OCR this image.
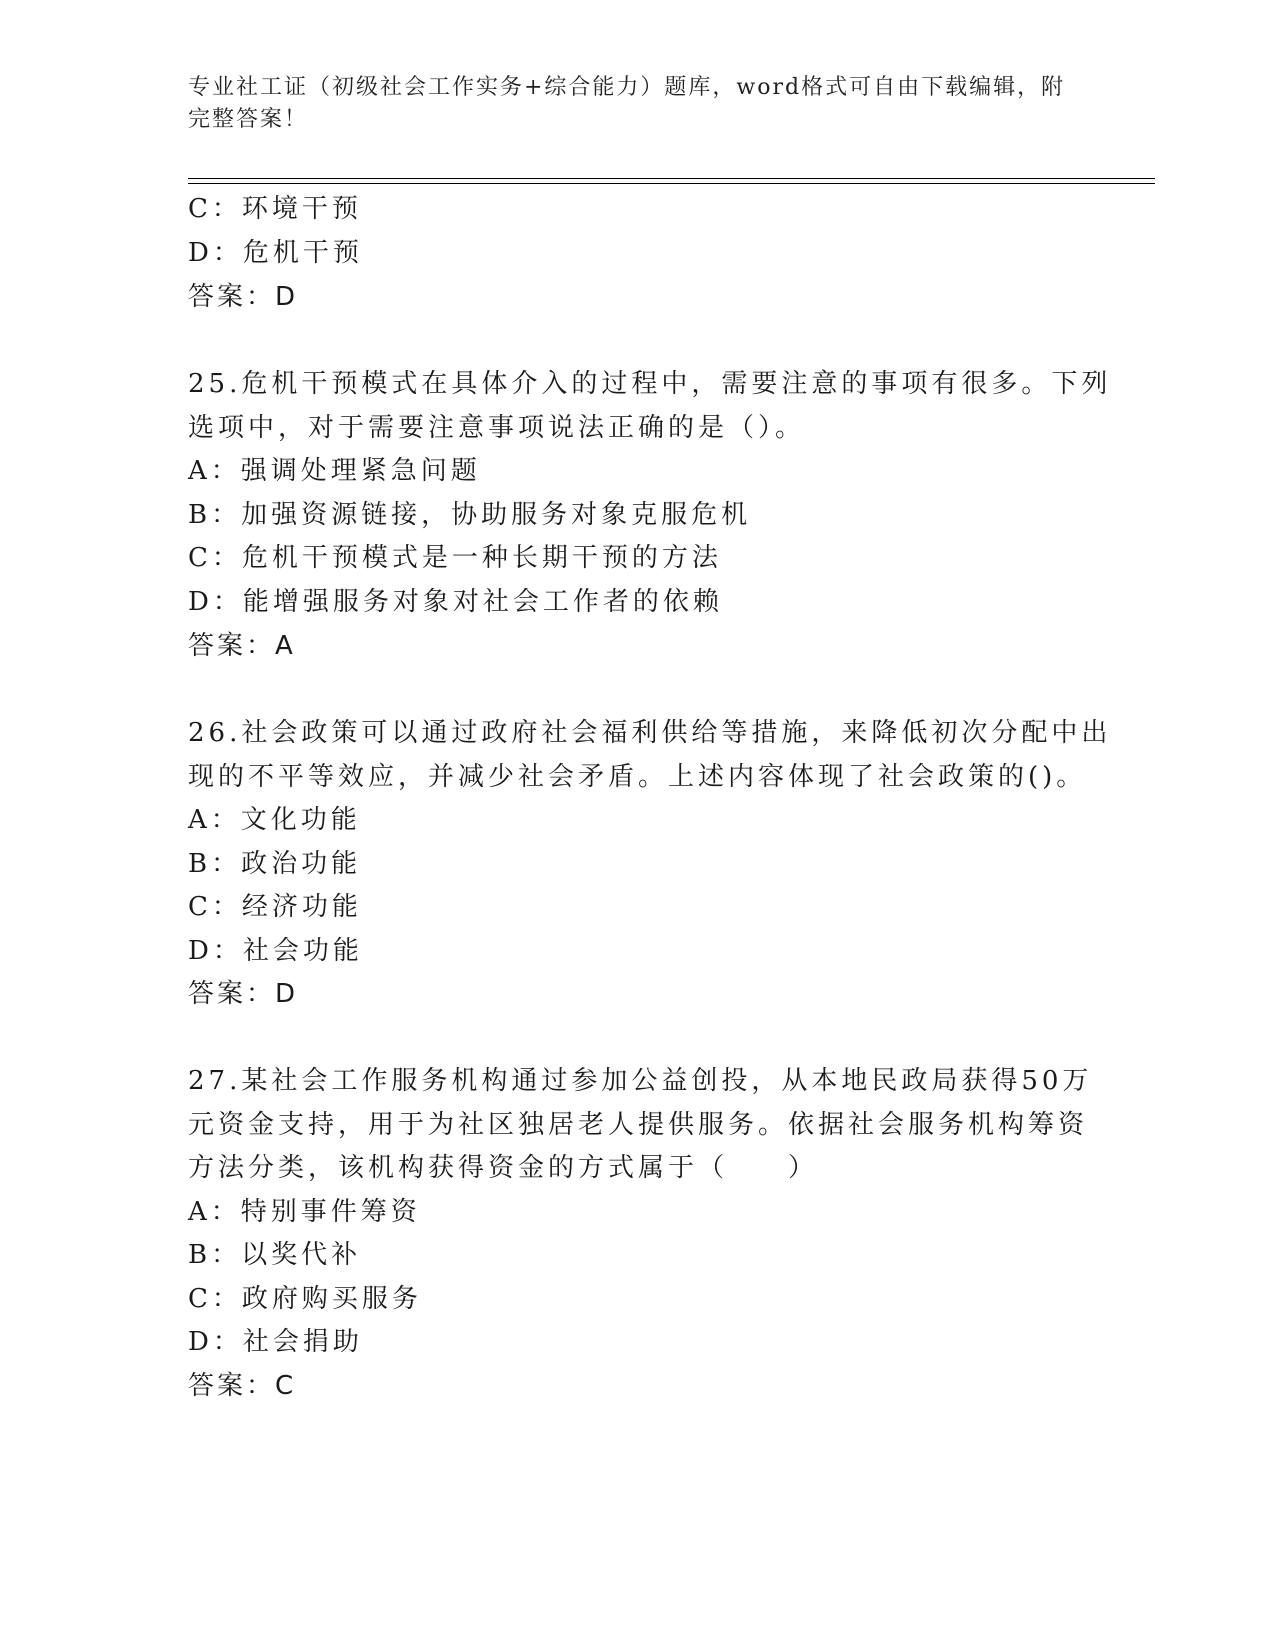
专业社工证（初级社会工作实务+综合能力）题库，word格式可自由下载编辑，附
完整答案！
C：环境干预
D：危机干预
答案：D
25.危机干预模式在具体介入的过程中，需要注意的事项有很多。下列
选项中，对于需要注意事项说法正确的是（）。
A：强调处理紧急问题
B：加强资源链接，协助服务对象克服危机
C：危机干预模式是一种长期干预的方法
D：能增强服务对象对社会工作者的依赖
答案：A
26.社会政策可以通过政府社会福利供给等措施，来降低初次分配中出
现的不平等效应，并减少社会矛盾。上述内容体现了社会政策的()。
A：文化功能
B：政治功能
C：经济功能
D：社会功能
答案：D
27.某社会工作服务机构通过参加公益创投，从本地民政局获得50万
元资金支持，用于为社区独居老人提供服务。依据社会服务机构筹资
方法分类，该机构获得资金的方式属于（　　）
A：特别事件筹资
B：以奖代补
C：政府购买服务
D：社会捐助
答案：C
